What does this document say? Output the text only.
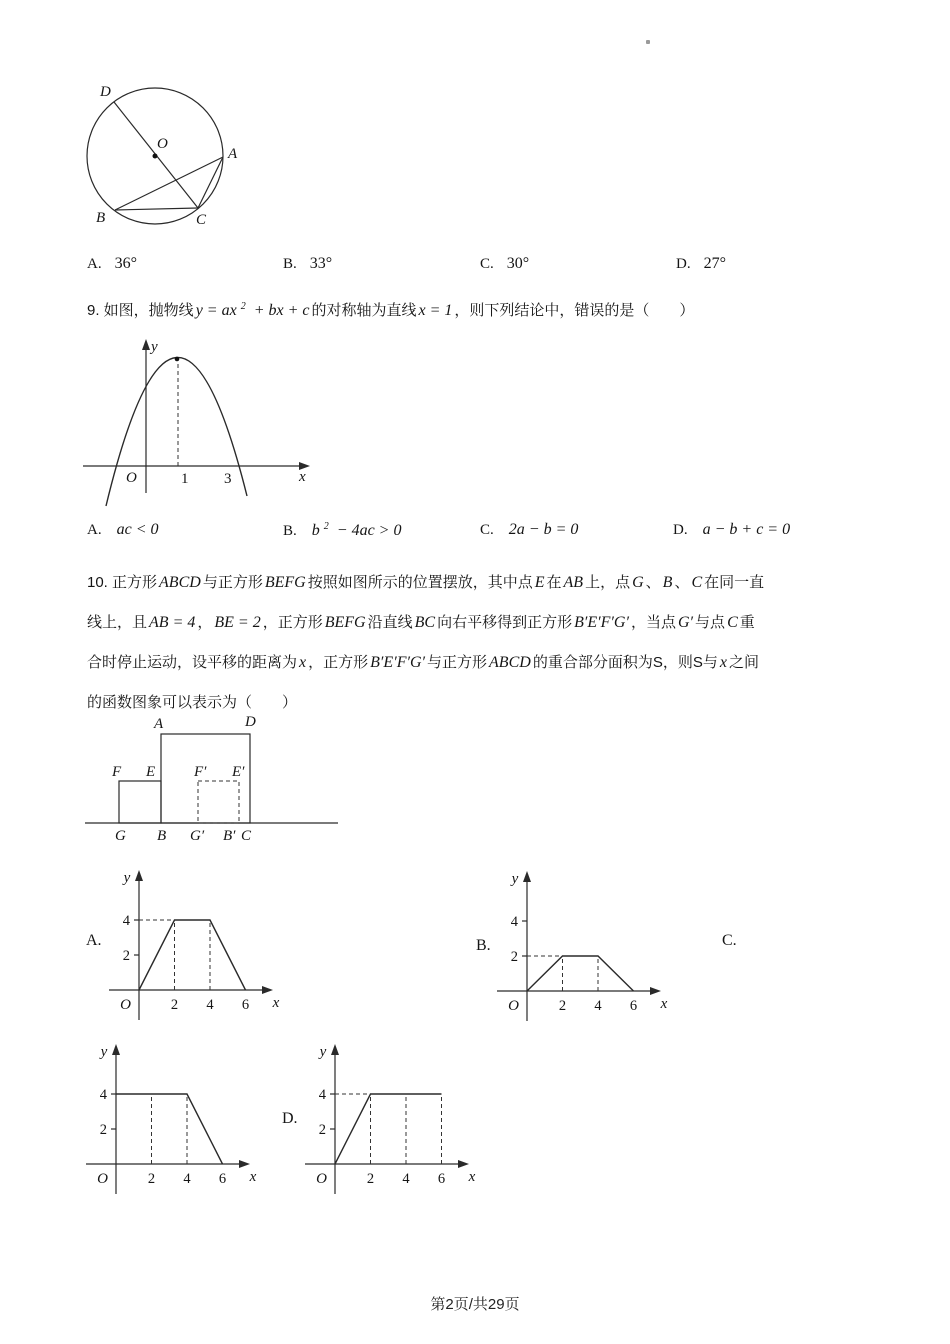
D
O
A
B	C
A. 36°	B. 33°	C. 30°	D. 27°
9. 如图，抛物线 y = ax $^2$ + bx + c 的对称轴为直线 x = 1 ，则下列结论中，错误的是（　　）
y
O	1 3	x
A. ac < 0	B. b $^2$ − 4ac > 0	C. 2a − b = 0	D. a − b + c = 0
10. 正方形 ABCD 与正方形 BEFG 按照如图所示的位置摆放，其中点 E 在 AB 上，点 G 、 B 、 C 在同一直
线上，且 AB = 4 ， BE = 2 ，正方形 BEFG 沿直线 BC 向右平移得到正方形 B′E′F′G′ ，当点 G′ 与点 C 重
合时停止运动，设平移的距离为 x ，正方形 B′E′F′G′ 与正方形 ABCD 的重合部分面积为S，则S与 x 之间
的函数图象可以表示为（　　）
A	D
F E	F′ E′
G B G′ B′ C
A.
2
4
2 4 6
O	x
y
B.
2
4
2 4 6
O	x
y
C.
2
4
2 4 6
O	x
y
D.
2
4
2 4 6
O	x
y
第2页/共29页
